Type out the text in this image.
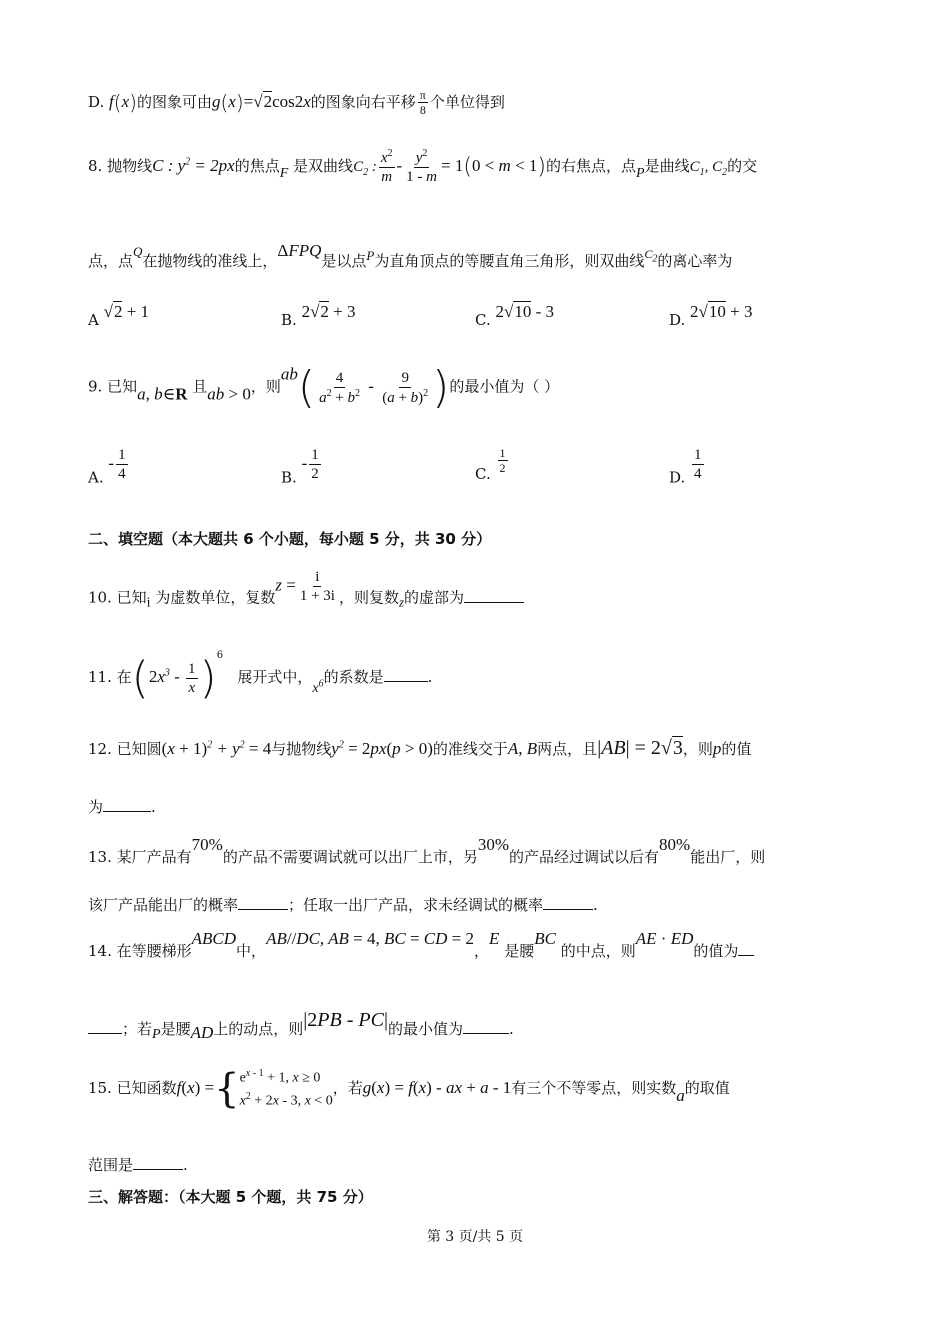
D. f(x)的图象可由g(x)=√2cos2x的图象向右平移 $\frac{\pi}{8}$ 个单位得到
8. 抛物线C : $y^2 = 2px$的焦点F 是双曲线$C_2$ : $\frac{x^2}{m} - \frac{y^2}{1 - m} = 1(0 < m < 1)$的右焦点，点P是曲线$C_1$, $C_2$的交
点，点Q在抛物线的准线上，ΔFPQ是以点P为直角顶点的等腰直角三角形，则双曲线$^{C_2}$的离心率为
A √2 + 1	B. 2√2 + 3	C. 2√10 - 3	D. 2√10 + 3
9. 已知a, b∈R 且ab > 0，则$ab( \frac{4}{a^2 + b^2} - \frac{9}{(a + b)^2}$ )的最小值为（ ）
A. - $\frac{1}{4}$	B. - $\frac{1}{2}$	C. $\frac{1}{2}$
D. $\frac{1}{4}$
二、填空题（本大题共 6 个小题，每小题 5 分，共 30 分）
10. 已知i 为虚数单位，复数$z = \frac{i}{1 + 3i}$ ，则复数z的虚部为
11. 在$(2x^3 - \frac{1}{x} )^6$   展开式中，$x^6$的系数是	.
12. 已知圆$(x + 1)^2 + y^2 = 4$与抛物线$y^2 = 2px(p > 0)$的准线交于A, B两点，且|AB| = 2√3，则p的值
为	.
13. 某厂产品有70%的产品不需要调试就可以出厂上市，另30%的产品经过调试以后有80%能出厂，则
该厂产品能出厂的概率	；任取一出厂产品，求未经调试的概率	.
14. 在等腰梯形ABCD中，AB//DC, AB = 4, BC = CD = 2，E 是腰BC 的中点，则AE · ED的值为
；若P是腰AD上的动点，则|2PB - PC|的最小值为	.
15. 已知函数f(x) ={ $e^{x - 1} + 1$, x ≥ 0
$x^2 + 2x - 3$, x < 0
，若g(x) = f(x) - ax + a - 1有三个不等零点，则实数a的取值
范围是	.
三、解答题：（本大题 5 个题，共 75 分）
第 3 页/共 5 页
